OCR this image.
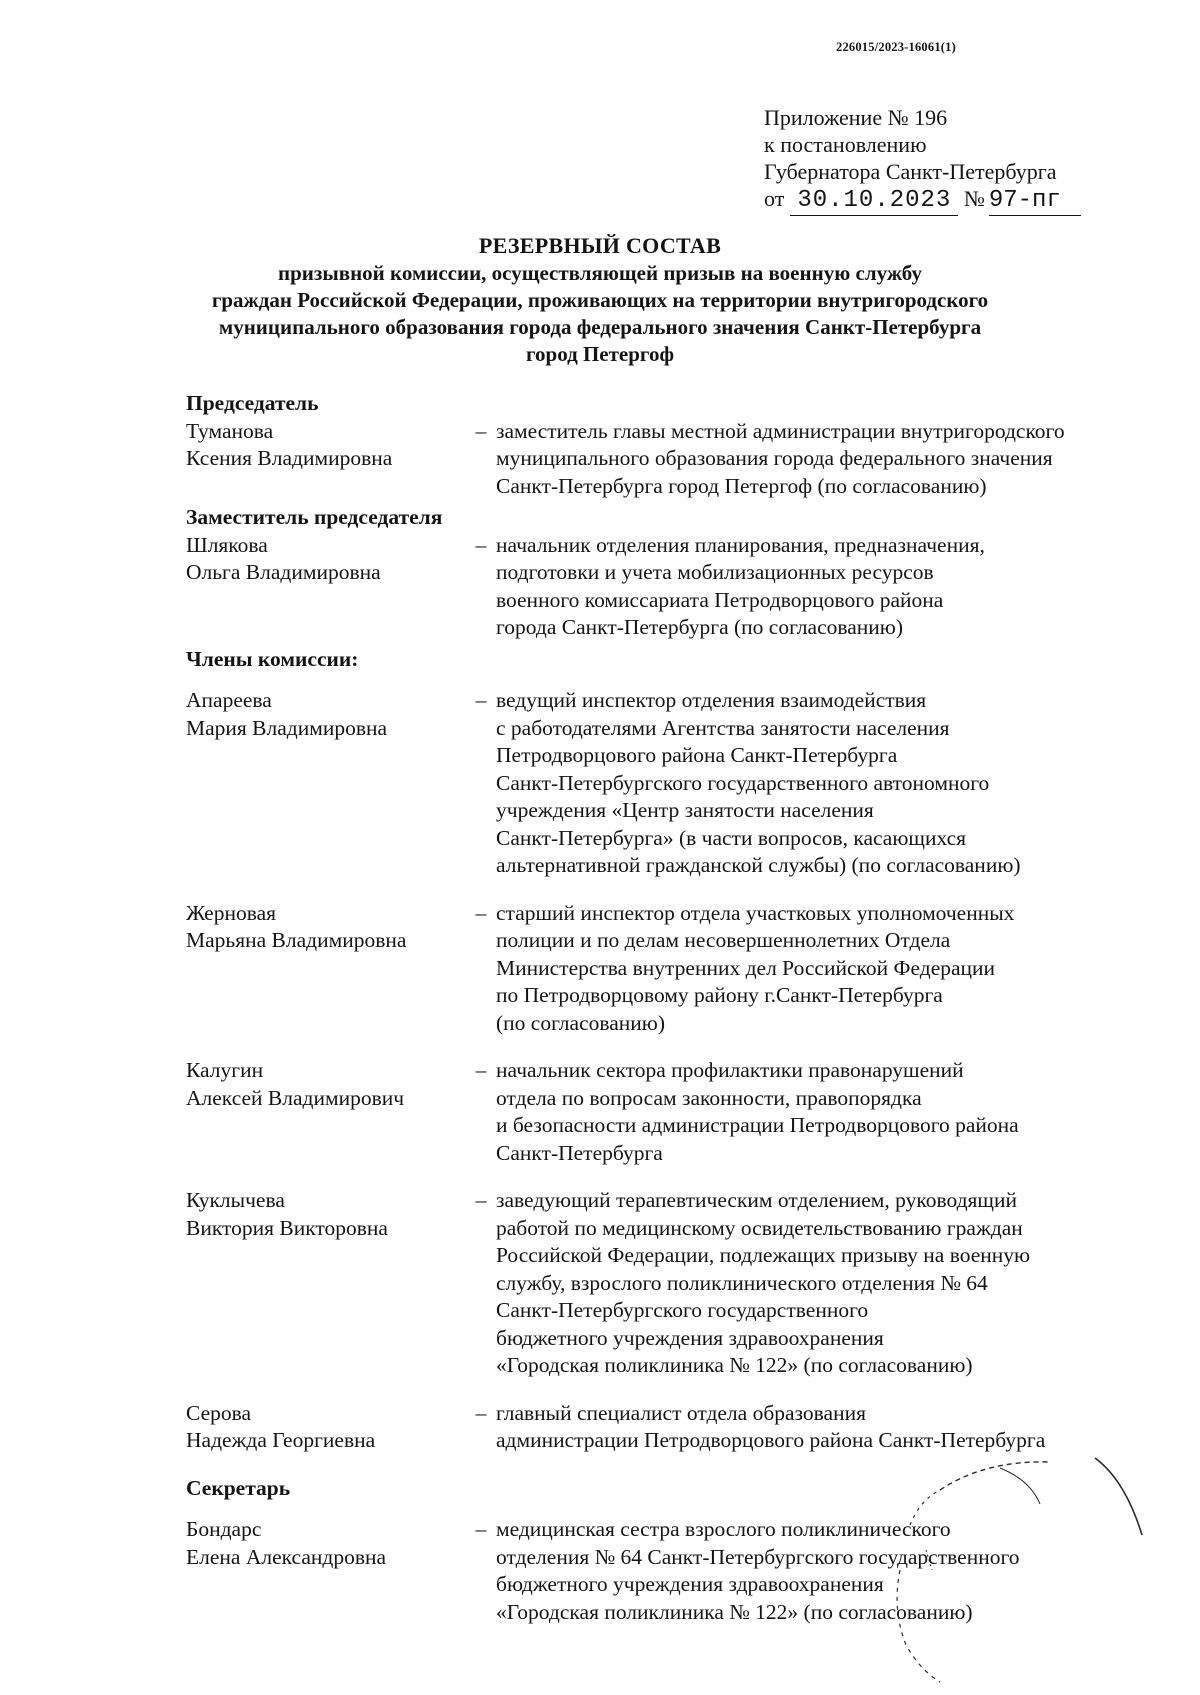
226015/2023-16061(1)
Приложение № 196
к постановлению
Губернатора Санкт-Петербурга
от 30.10.2023 № 97-пг
РЕЗЕРВНЫЙ СОСТАВ
призывной комиссии, осуществляющей призыв на военную службу
граждан Российской Федерации, проживающих на территории внутригородского
муниципального образования города федерального значения Санкт-Петербурга
город Петергоф
Председатель
Туманова
Ксения Владимировна
– заместитель главы местной администрации внутригородского
муниципального образования города федерального значения
Санкт-Петербурга город Петергоф (по согласованию)
Заместитель председателя
Шлякова
Ольга Владимировна
– начальник отделения планирования, предназначения,
подготовки и учета мобилизационных ресурсов
военного комиссариата Петродворцового района
города Санкт-Петербурга (по согласованию)
Члены комиссии:
Апареева
Мария Владимировна
– ведущий инспектор отделения взаимодействия
с работодателями Агентства занятости населения
Петродворцового района Санкт-Петербурга
Санкт-Петербургского государственного автономного
учреждения «Центр занятости населения
Санкт-Петербурга» (в части вопросов, касающихся
альтернативной гражданской службы) (по согласованию)
Жерновая
Марьяна Владимировна
– старший инспектор отдела участковых уполномоченных
полиции и по делам несовершеннолетних Отдела
Министерства внутренних дел Российской Федерации
по Петродворцовому району г.Санкт-Петербурга
(по согласованию)
Калугин
Алексей Владимирович
– начальник сектора профилактики правонарушений
отдела по вопросам законности, правопорядка
и безопасности администрации Петродворцового района
Санкт-Петербурга
Куклычева
Виктория Викторовна
– заведующий терапевтическим отделением, руководящий
работой по медицинскому освидетельствованию граждан
Российской Федерации, подлежащих призыву на военную
службу, взрослого поликлинического отделения № 64
Санкт-Петербургского государственного
бюджетного учреждения здравоохранения
«Городская поликлиника № 122» (по согласованию)
Серова
Надежда Георгиевна
– главный специалист отдела образования
администрации Петродворцового района Санкт-Петербурга
Секретарь
Бондарс
Елена Александровна
– медицинская сестра взрослого поликлинического
отделения № 64 Санкт-Петербургского государственного
бюджетного учреждения здравоохранения
«Городская поликлиника № 122» (по согласованию)
